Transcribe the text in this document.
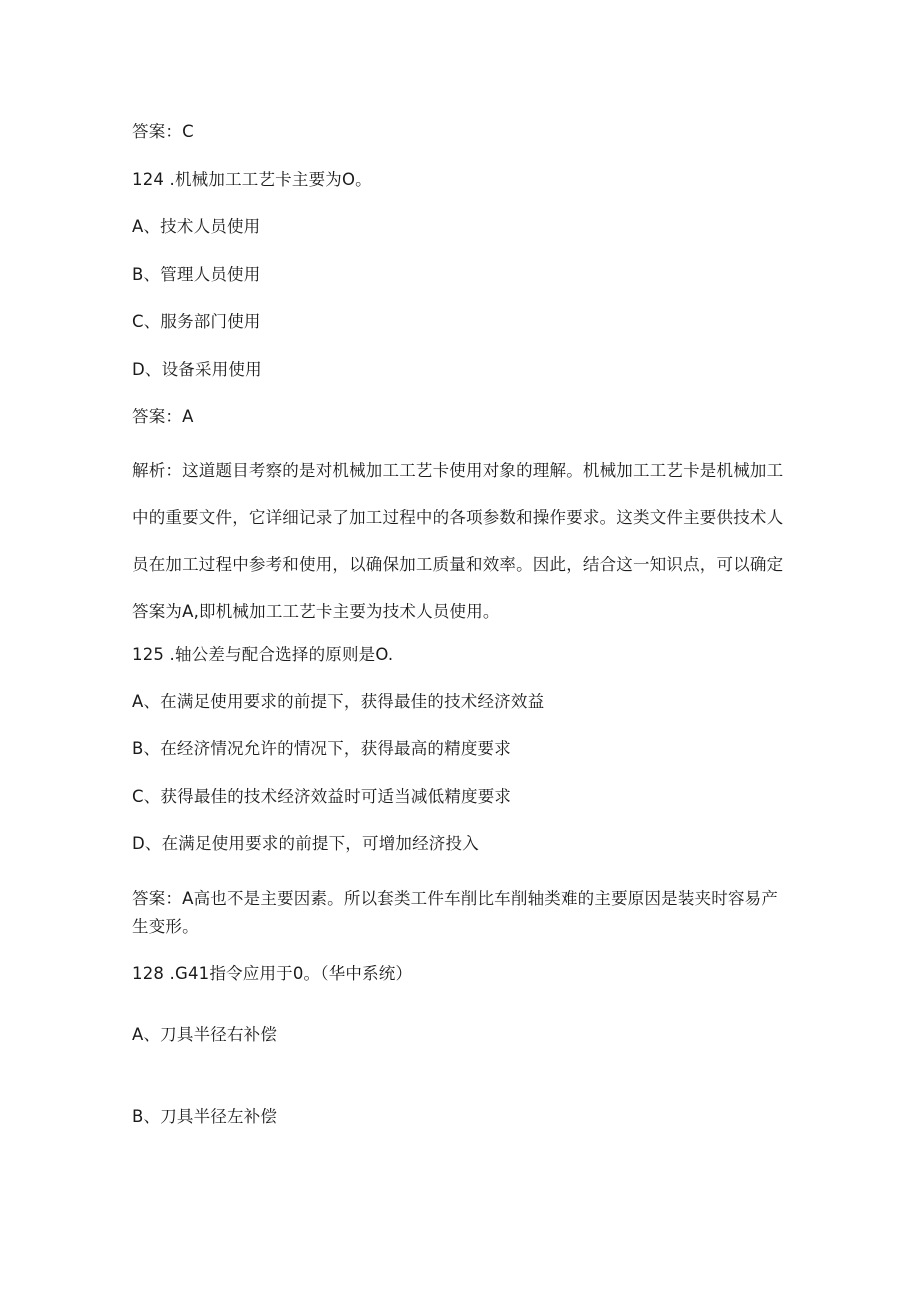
答案：C
124 .机械加工工艺卡主要为O。
A、技术人员使用
B、管理人员使用
C、服务部门使用
D、设备采用使用
答案：A
解析：这道题目考察的是对机械加工工艺卡使用对象的理解。机械加工工艺卡是机械加工中的重要文件，它详细记录了加工过程中的各项参数和操作要求。这类文件主要供技术人员在加工过程中参考和使用，以确保加工质量和效率。因此，结合这一知识点，可以确定答案为A,即机械加工工艺卡主要为技术人员使用。
125 .轴公差与配合选择的原则是O.
A、在满足使用要求的前提下，获得最佳的技术经济效益
B、在经济情况允许的情况下，获得最高的精度要求
C、获得最佳的技术经济效益时可适当减低精度要求
D、在满足使用要求的前提下，可增加经济投入
答案：A高也不是主要因素。所以套类工件车削比车削轴类难的主要原因是装夹时容易产生变形。
128 .G41指令应用于0。（华中系统）
A、刀具半径右补偿
B、刀具半径左补偿
